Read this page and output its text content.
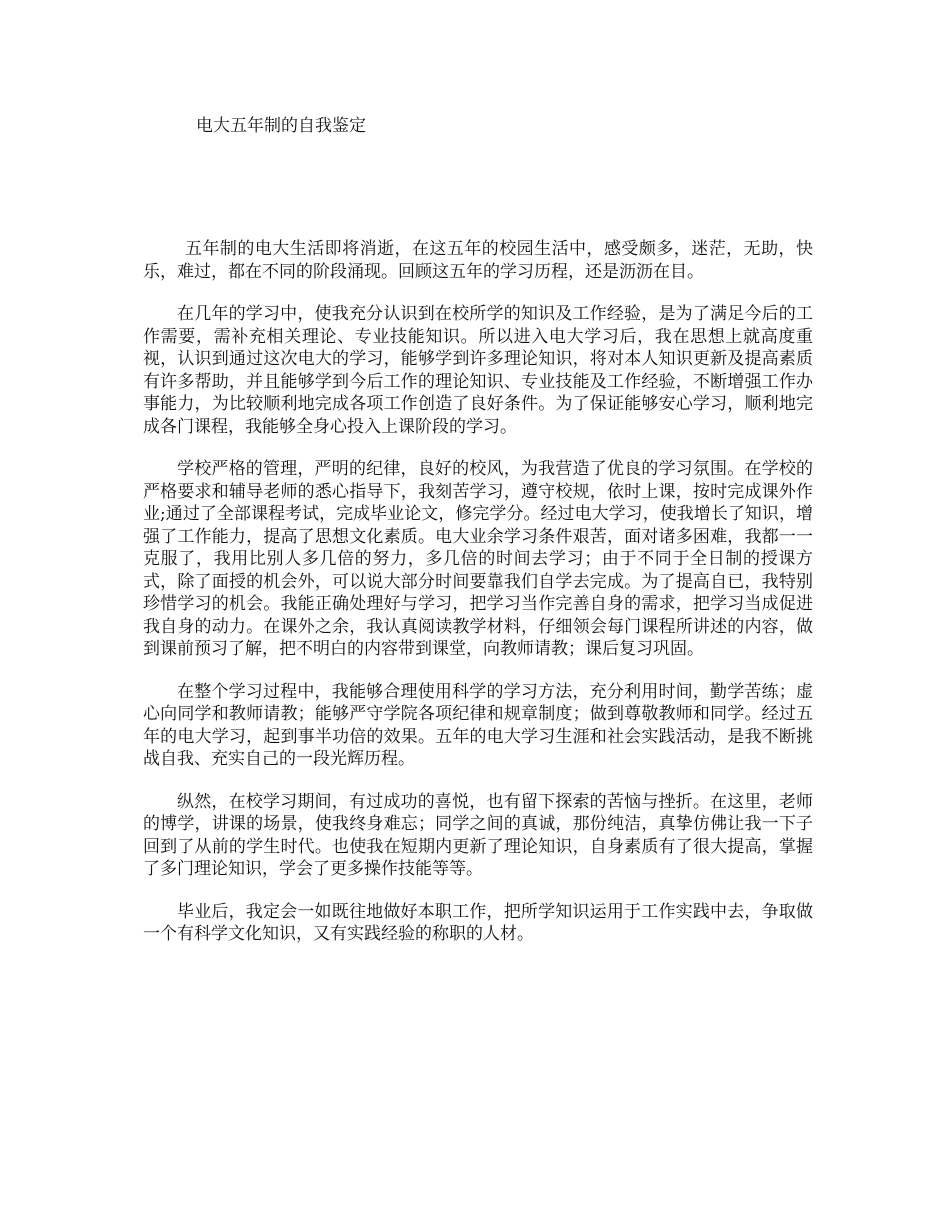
电大五年制的自我鉴定

五年制的电大生活即将消逝，在这五年的校园生活中，感受颇多，迷茫，无助，快乐，难过，都在不同的阶段涌现。回顾这五年的学习历程，还是沥沥在目。

在几年的学习中，使我充分认识到在校所学的知识及工作经验，是为了满足今后的工作需要，需补充相关理论、专业技能知识。所以进入电大学习后，我在思想上就高度重视，认识到通过这次电大的学习，能够学到许多理论知识，将对本人知识更新及提高素质有许多帮助，并且能够学到今后工作的理论知识、专业技能及工作经验，不断增强工作办事能力，为比较顺利地完成各项工作创造了良好条件。为了保证能够安心学习，顺利地完成各门课程，我能够全身心投入上课阶段的学习。

学校严格的管理，严明的纪律，良好的校风，为我营造了优良的学习氛围。在学校的严格要求和辅导老师的悉心指导下，我刻苦学习，遵守校规，依时上课，按时完成课外作业;通过了全部课程考试，完成毕业论文，修完学分。经过电大学习，使我增长了知识，增强了工作能力，提高了思想文化素质。电大业余学习条件艰苦，面对诸多困难，我都一一克服了，我用比别人多几倍的努力，多几倍的时间去学习；由于不同于全日制的授课方式，除了面授的机会外，可以说大部分时间要靠我们自学去完成。为了提高自已，我特别珍惜学习的机会。我能正确处理好与学习，把学习当作完善自身的需求，把学习当成促进我自身的动力。在课外之余，我认真阅读教学材料，仔细领会每门课程所讲述的内容，做到课前预习了解，把不明白的内容带到课堂，向教师请教；课后复习巩固。

在整个学习过程中，我能够合理使用科学的学习方法，充分利用时间，勤学苦练；虚心向同学和教师请教；能够严守学院各项纪律和规章制度；做到尊敬教师和同学。经过五年的电大学习，起到事半功倍的效果。五年的电大学习生涯和社会实践活动，是我不断挑战自我、充实自己的一段光辉历程。

纵然，在校学习期间，有过成功的喜悦，也有留下探索的苦恼与挫折。在这里，老师的博学，讲课的场景，使我终身难忘；同学之间的真诚，那份纯洁，真挚仿佛让我一下子回到了从前的学生时代。也使我在短期内更新了理论知识，自身素质有了很大提高，掌握了多门理论知识，学会了更多操作技能等等。

毕业后，我定会一如既往地做好本职工作，把所学知识运用于工作实践中去，争取做一个有科学文化知识，又有实践经验的称职的人材。
